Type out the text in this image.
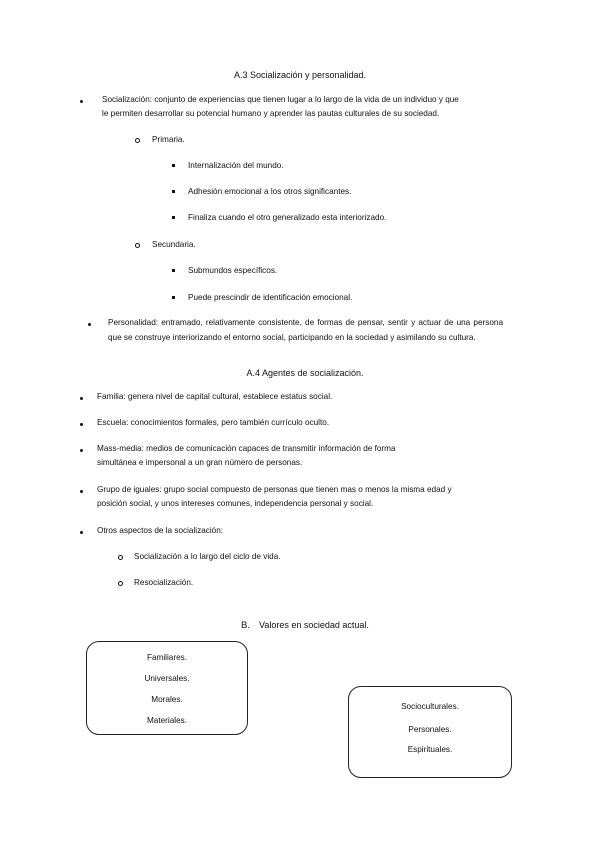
A.3 Socialización y personalidad.
Socialización: conjunto de experiencias que tienen lugar a lo largo de la vida de un individuo y que
le permiten desarrollar su potencial humano y aprender las pautas culturales de su sociedad.
Primaria.
Internalización del mundo.
Adhesión emocional a los otros significantes.
Finaliza cuando el otro generalizado esta interiorizado.
Secundaria.
Submundos específicos.
Puede prescindir de identificación emocional.
Personalidad: entramado, relativamente consistente, de formas de pensar, sentir y actuar de una persona que se construye interiorizando el entorno social, participando en la sociedad y asimilando su cultura.
A.4 Agentes de socialización.
Familia: genera nivel de capital cultural, establece estatus social.
Escuela: conocimientos formales, pero también currículo oculto.
Mass-media: medios de comunicación capaces de transmitir información de forma
simultánea e impersonal a un gran número de personas.
Grupo de iguales: grupo social compuesto de personas que tienen mas o menos la misma edad y
posición social, y unos intereses comunes, independencia personal y social.
Otros aspectos de la socialización:
Socialización a lo largo del ciclo de vida.
Resocialización.
B. Valores en sociedad actual.
Familiares.
Universales.
Morales.
Materiales.
Socioculturales.
Personales.
Espirituales.
